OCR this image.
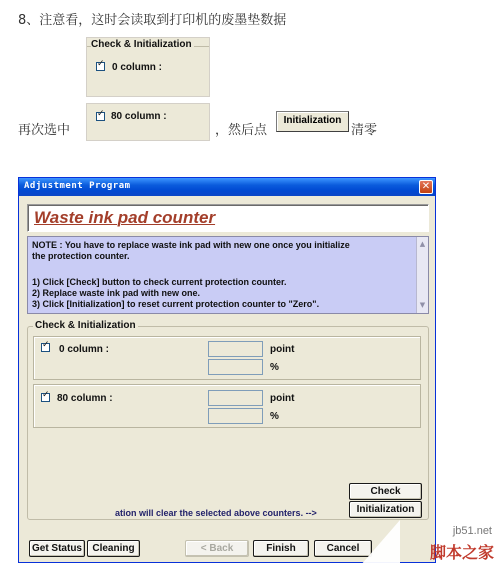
8、注意看，这时会读取到打印机的废墨垫数据
Check & Initialization
✓
0 column :
再次选中
✓
80 column :
，然后点
Initialization
清零
Adjustment Program	✕
Waste ink pad counter
NOTE : You have to replace waste ink pad with new one once you initialize
the protection counter.
1) Click [Check] button to check current protection counter.
2) Replace waste ink pad with new one.
3) Click [Initialization] to reset current protection counter to "Zero".
▲
▼
Check & Initialization
✓
0 column :	point
%
✓
80 column :	point
%
Check
ation will clear the selected above counters. -->	Initialization
Get Status	Cleaning	< Back	Finish	Cancel
jb51.net
脚本之家
